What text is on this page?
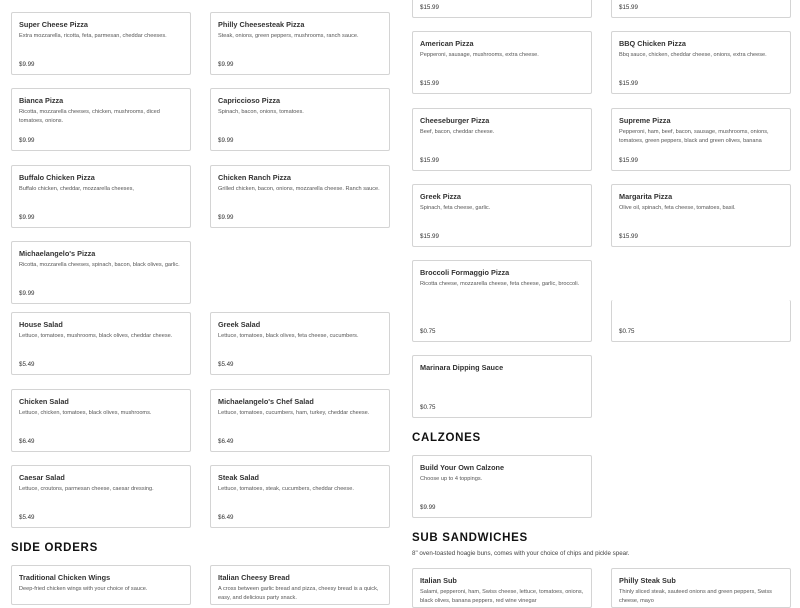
Super Cheese Pizza
Extra mozzarella, ricotta, feta, parmesan, cheddar cheeses.
$9.99
Bianca Pizza
Ricotta, mozzarella cheeses, chicken, mushrooms, diced tomatoes, onions.
$9.99
Buffalo Chicken Pizza
Buffalo chicken, cheddar, mozzarella cheeses,
$9.99
Michaelangelo's Pizza
Ricotta, mozzarella cheeses, spinach, bacon, black olives, garlic.
$9.99
Philly Cheesesteak Pizza
Steak, onions, green peppers, mushrooms, ranch sauce.
$9.99
Capriccioso Pizza
Spinach, bacon, onions, tomatoes.
$9.99
Chicken Ranch Pizza
Grilled chicken, bacon, onions, mozzarella cheese. Ranch sauce.
$9.99
$15.99
American Pizza
Pepperoni, sausage, mushrooms, extra cheese.
$15.99
Cheeseburger Pizza
Beef, bacon, cheddar cheese.
$15.99
Greek Pizza
Spinach, feta cheese, garlic.
$15.99
Broccoli Formaggio Pizza
Ricotta cheese, mozzarella cheese, feta cheese, garlic, broccoli.
$0.75
Marinara Dipping Sauce
$0.75
$15.99
BBQ Chicken Pizza
Bbq sauce, chicken, cheddar cheese, onions, extra cheese.
$15.99
Supreme Pizza
Pepperoni, ham, beef, bacon, sausage, mushrooms, onions, tomatoes, green peppers, black and green olives, banana
$15.99
Margarita Pizza
Olive oil, spinach, feta cheese, tomatoes, basil.
$15.99
$0.75
House Salad
Lettuce, tomatoes, mushrooms, black olives, cheddar cheese.
$5.49
Chicken Salad
Lettuce, chicken, tomatoes, black olives, mushrooms.
$6.49
Caesar Salad
Lettuce, croutons, parmesan cheese, caesar dressing.
$5.49
Greek Salad
Lettuce, tomatoes, black olives, feta cheese, cucumbers.
$5.49
Michaelangelo's Chef Salad
Lettuce, tomatoes, cucumbers, ham, turkey, cheddar cheese.
$6.49
Steak Salad
Lettuce, tomatoes, steak, cucumbers, cheddar cheese.
$6.49
CALZONES
Build Your Own Calzone
Choose up to 4 toppings.
$9.99
SUB SANDWICHES
8" oven-toasted hoagie buns, comes with your choice of chips and pickle spear.
Italian Sub
Salami, pepperoni, ham, Swiss cheese, lettuce, tomatoes, onions, black olives, banana peppers, red wine vinegar
Philly Steak Sub
Thinly sliced steak, sauteed onions and green peppers, Swiss cheese, mayo
SIDE ORDERS
Traditional Chicken Wings
Deep-fried chicken wings with your choice of sauce.
Italian Cheesy Bread
A cross between garlic bread and pizza, cheesy bread is a quick, easy, and delicious party snack.
